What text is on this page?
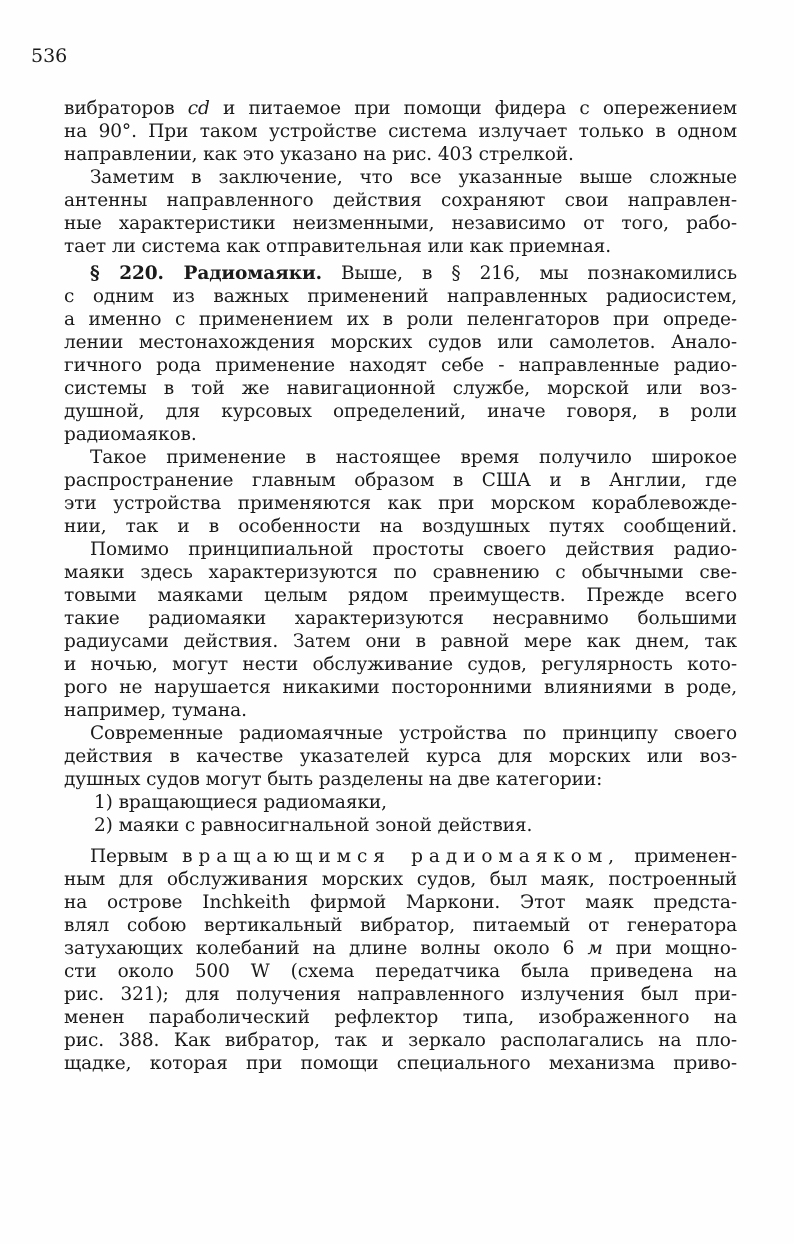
вибраторов cd и питаемое при помощи фидера с опережением
на 90°. При таком устройстве система излучает только в одном
направлении, как это указано на рис. 403 стрелкой.
Заметим в заключение, что все указанные выше сложные
антенны направленного действия сохраняют свои направлен-
ные характеристики неизменными, независимо от того, рабо-
тает ли система как отправительная или как приемная.
§ 220. Радиомаяки. Выше, в § 216, мы познакомились
с одним из важных применений направленных радиосистем,
а именно с применением их в роли пеленгаторов при опреде-
лении местонахождения морских судов или самолетов. Анало-
гичного рода применение находят себе - направленные радио-
системы в той же навигационной службе, морской или воз-
душной, для курсовых определений, иначе говоря, в роли
радиомаяков.
Такое применение в настоящее время получило широкое
распространение главным образом в США и в Англии, где
эти устройства применяются как при морском кораблевожде-
нии, так и в особенности на воздушных путях сообщений.
Помимо принципиальной простоты своего действия радио-
маяки здесь характеризуются по сравнению с обычными све-
товыми маяками целым рядом преимуществ. Прежде всего
такие радиомаяки характеризуются несравнимо большими
радиусами действия. Затем они в равной мере как днем, так
и ночью, могут нести обслуживание судов, регулярность кото-
рого не нарушается никакими посторонними влияниями в роде,
например, тумана.
Современные радиомаячные устройства по принципу своего
действия в качестве указателей курса для морских или воз-
душных судов могут быть разделены на две категории:
1) вращающиеся радиомаяки,
2) маяки с равносигнальной зоной действия.
Первым вращающимся радиомаяком, применен-
ным для обслуживания морских судов, был маяк, построенный
на острове Inchkeith фирмой Маркони. Этот маяк предста-
влял собою вертикальный вибратор, питаемый от генератора
затухающих колебаний на длине волны около 6 м при мощно-
сти около 500 W (схема передатчика была приведена на
рис. 321); для получения направленного излучения был при-
менен параболический рефлектор типа, изображенного на
рис. 388. Как вибратор, так и зеркало располагались на пло-
щадке, которая при помощи специального механизма приво-
536
